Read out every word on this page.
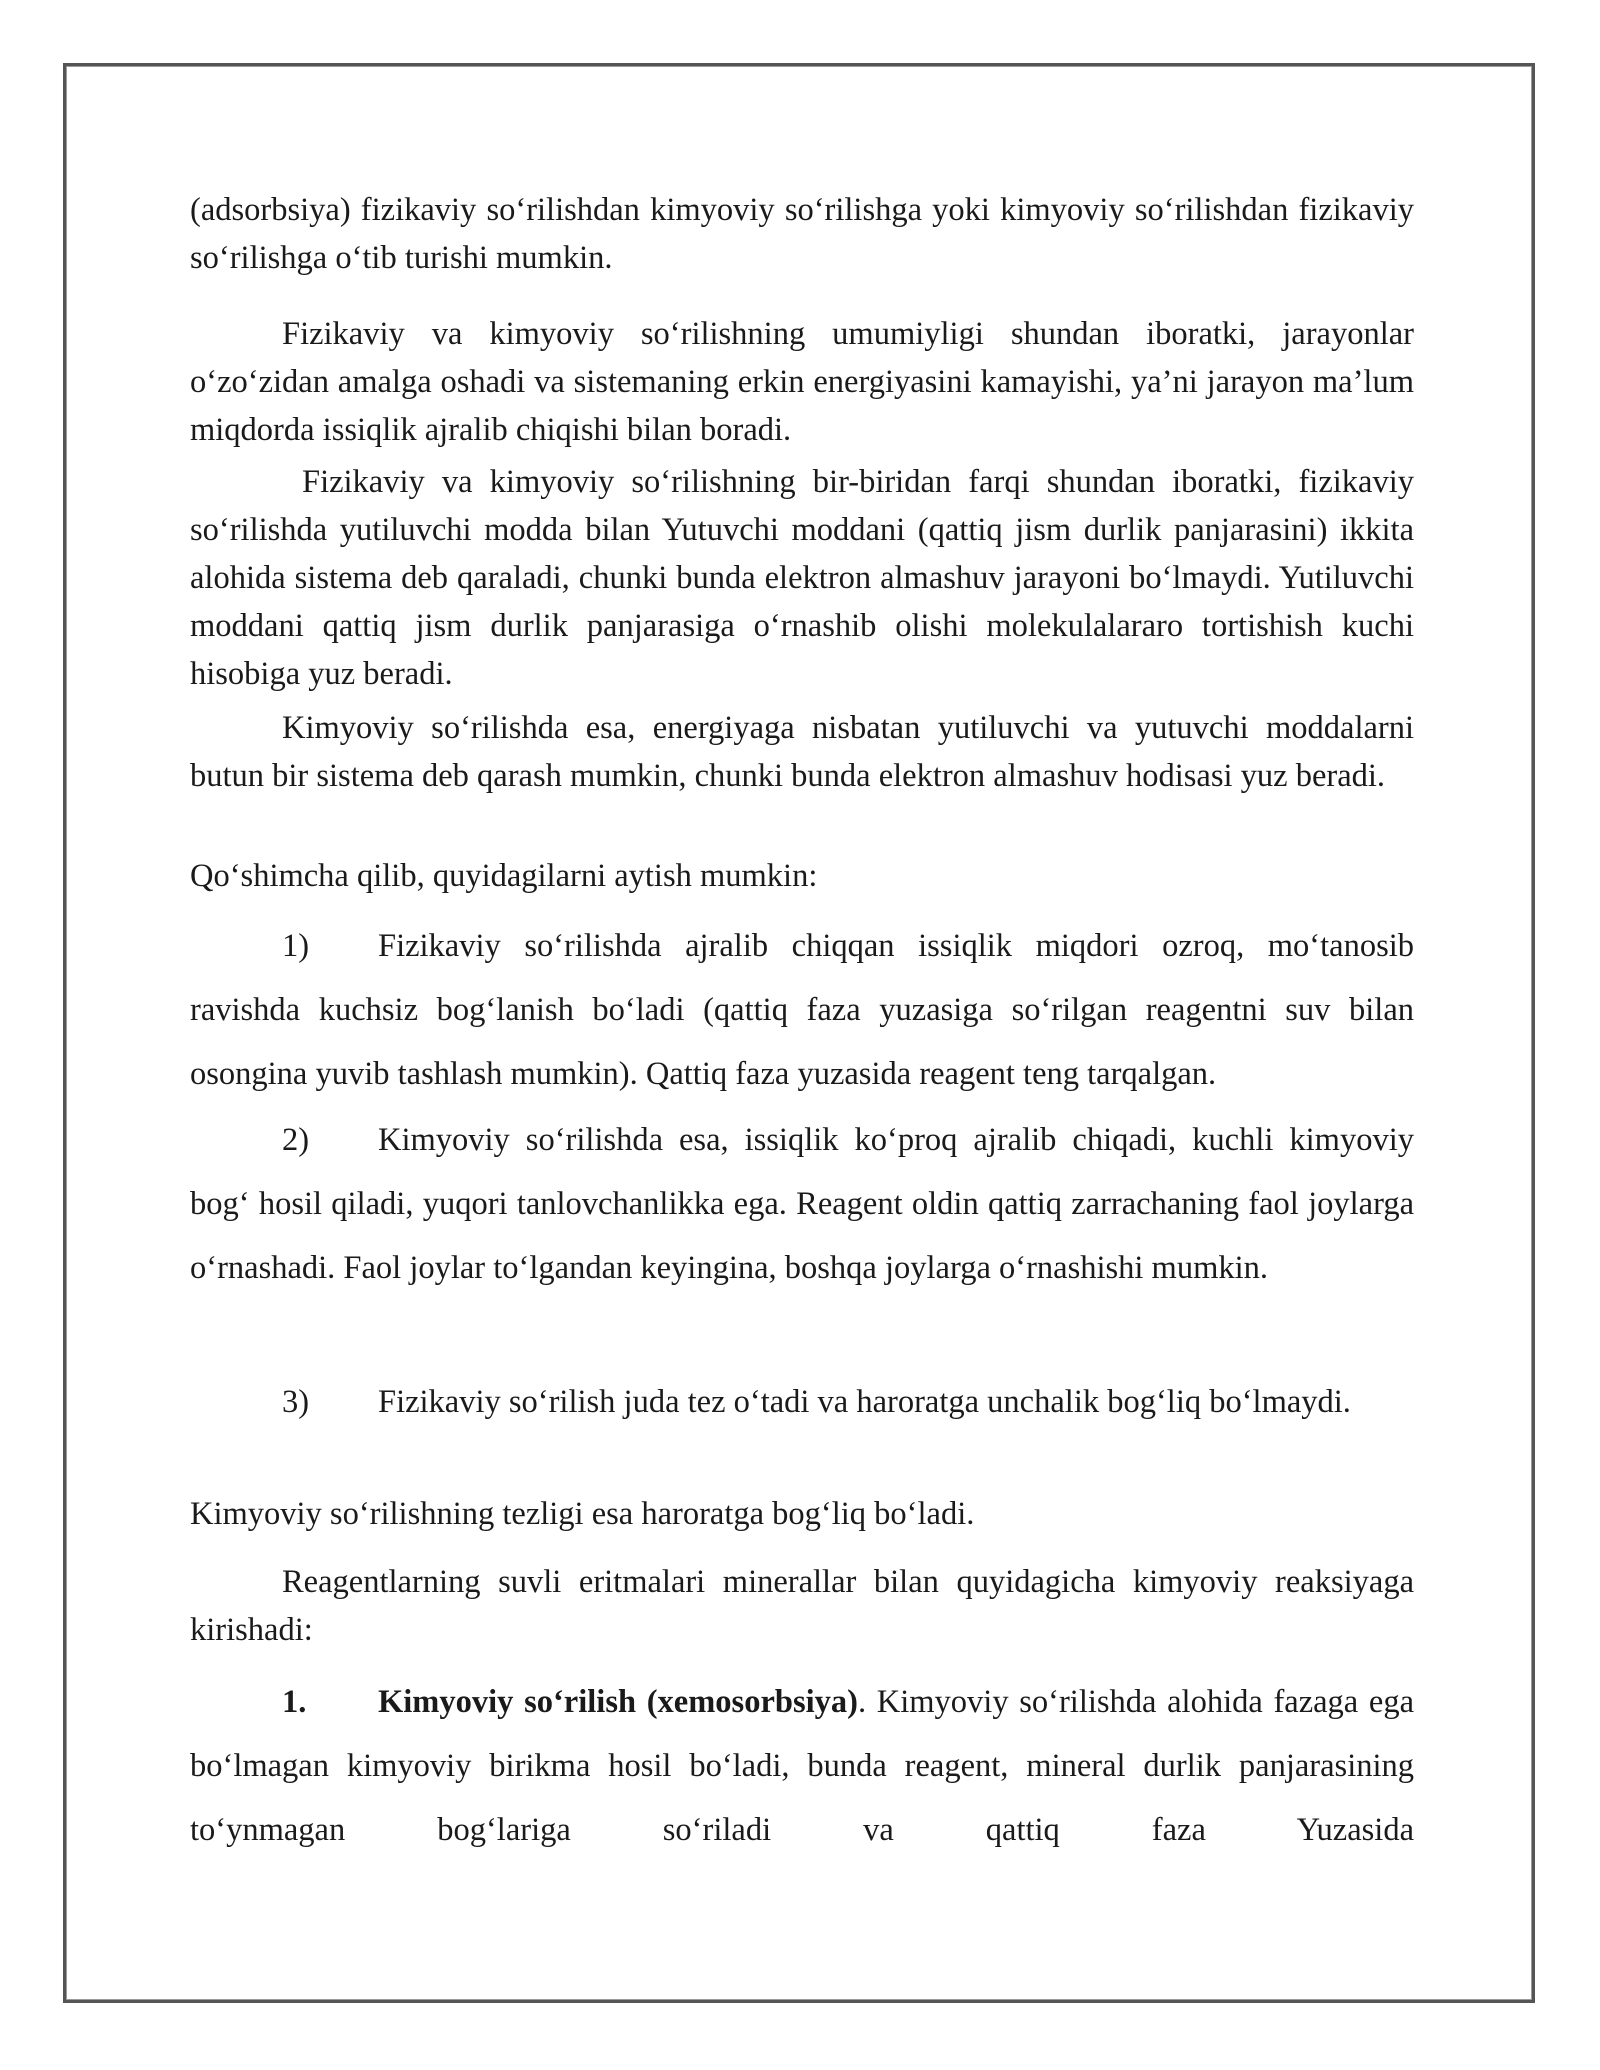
(adsorbsiya) fizikaviy so‘rilishdan kimyoviy so‘rilishga yoki kimyoviy so‘rilishdan fizikaviy so‘rilishga o‘tib turishi mumkin.

Fizikaviy va kimyoviy so‘rilishning umumiyligi shundan iboratki, jarayonlar o‘zo‘zidan amalga oshadi va sistemaning erkin energiyasini kamayishi, ya’ni jarayon ma’lum miqdorda issiqlik ajralib chiqishi bilan boradi.

Fizikaviy va kimyoviy so‘rilishning bir-biridan farqi shundan iboratki, fizikaviy so‘rilishda yutiluvchi modda bilan Yutuvchi moddani (qattiq jism durlik panjarasini) ikkita alohida sistema deb qaraladi, chunki bunda elektron almashuv jarayoni bo‘lmaydi. Yutiluvchi moddani qattiq jism durlik panjarasiga o‘rnashib olishi molekulalararo tortishish kuchi hisobiga yuz beradi.

Kimyoviy so‘rilishda esa, energiyaga nisbatan yutiluvchi va yutuvchi moddalarni butun bir sistema deb qarash mumkin, chunki bunda elektron almashuv hodisasi yuz beradi.

Qo‘shimcha qilib, quyidagilarni aytish mumkin:

1) Fizikaviy so‘rilishda ajralib chiqqan issiqlik miqdori ozroq, mo‘tanosib ravishda kuchsiz bog‘lanish bo‘ladi (qattiq faza yuzasiga so‘rilgan reagentni suv bilan osongina yuvib tashlash mumkin). Qattiq faza yuzasida reagent teng tarqalgan.

2) Kimyoviy so‘rilishda esa, issiqlik ko‘proq ajralib chiqadi, kuchli kimyoviy bog‘ hosil qiladi, yuqori tanlovchanlikka ega. Reagent oldin qattiq zarrachaning faol joylarga o‘rnashadi. Faol joylar to‘lgandan keyingina, boshqa joylarga o‘rnashishi mumkin.

3) Fizikaviy so‘rilish juda tez o‘tadi va haroratga unchalik bog‘liq bo‘lmaydi.

Kimyoviy so‘rilishning tezligi esa haroratga bog‘liq bo‘ladi.

Reagentlarning suvli eritmalari minerallar bilan quyidagicha kimyoviy reaksiyaga kirishadi:

1. Kimyoviy so‘rilish (xemosorbsiya). Kimyoviy so‘rilishda alohida fazaga ega bo‘lmagan kimyoviy birikma hosil bo‘ladi, bunda reagent, mineral durlik panjarasining to‘ynmagan bog‘lariga so‘riladi va qattiq faza Yuzasida
